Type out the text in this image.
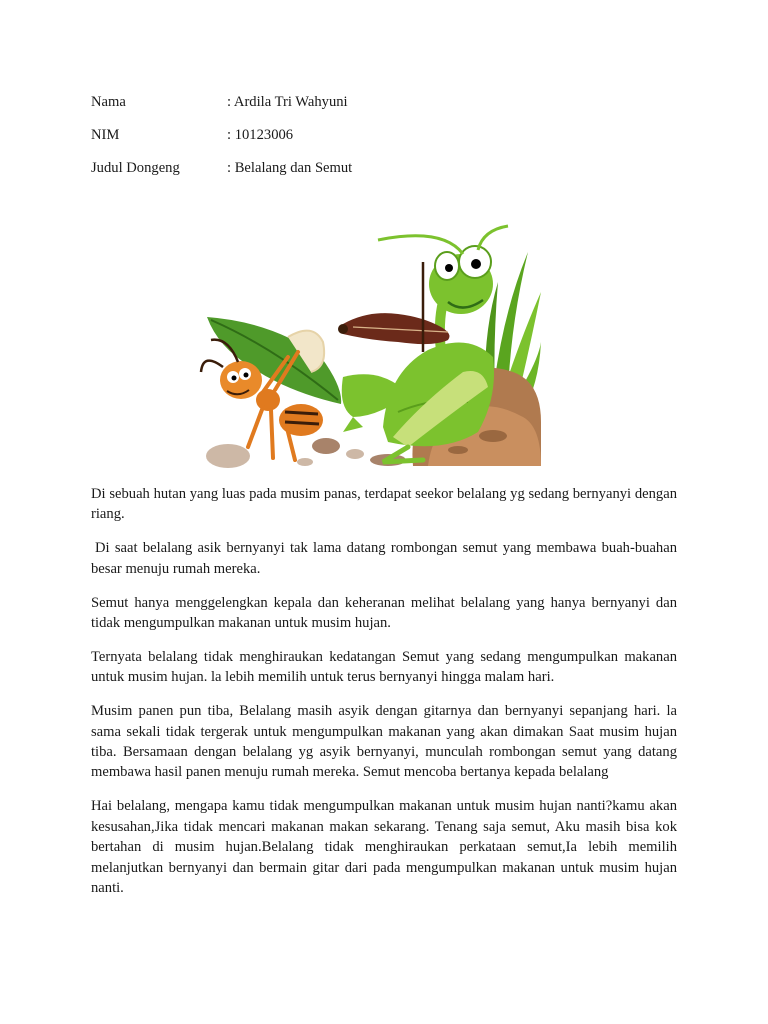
Nama	: Ardila Tri Wahyuni
NIM	: 10123006
Judul Dongeng	: Belalang dan Semut

Di sebuah hutan yang luas pada musim panas, terdapat seekor belalang yg sedang bernyanyi dengan riang.

Di saat belalang asik bernyanyi tak lama datang rombongan semut yang membawa buah-buahan besar menuju rumah mereka.

Semut hanya menggelengkan kepala dan keheranan melihat belalang yang hanya bernyanyi dan tidak mengumpulkan makanan untuk musim hujan.

Ternyata belalang tidak menghiraukan kedatangan Semut yang sedang mengumpulkan makanan untuk musim hujan. la lebih memilih untuk terus bernyanyi hingga malam hari.

Musim panen pun tiba, Belalang masih asyik dengan gitarnya dan bernyanyi sepanjang hari. la sama sekali tidak tergerak untuk mengumpulkan makanan yang akan dimakan Saat musim hujan tiba. Bersamaan dengan belalang yg asyik bernyanyi, munculah rombongan semut yang datang membawa hasil panen menuju rumah mereka. Semut mencoba bertanya kepada belalang

Hai belalang, mengapa kamu tidak mengumpulkan makanan untuk musim hujan nanti?kamu akan kesusahan,Jika tidak mencari makanan makan sekarang. Tenang saja semut, Aku masih bisa kok bertahan di musim hujan.Belalang tidak menghiraukan perkataan semut,Ia lebih memilih melanjutkan bernyanyi dan bermain gitar dari pada mengumpulkan makanan untuk musim hujan nanti.
